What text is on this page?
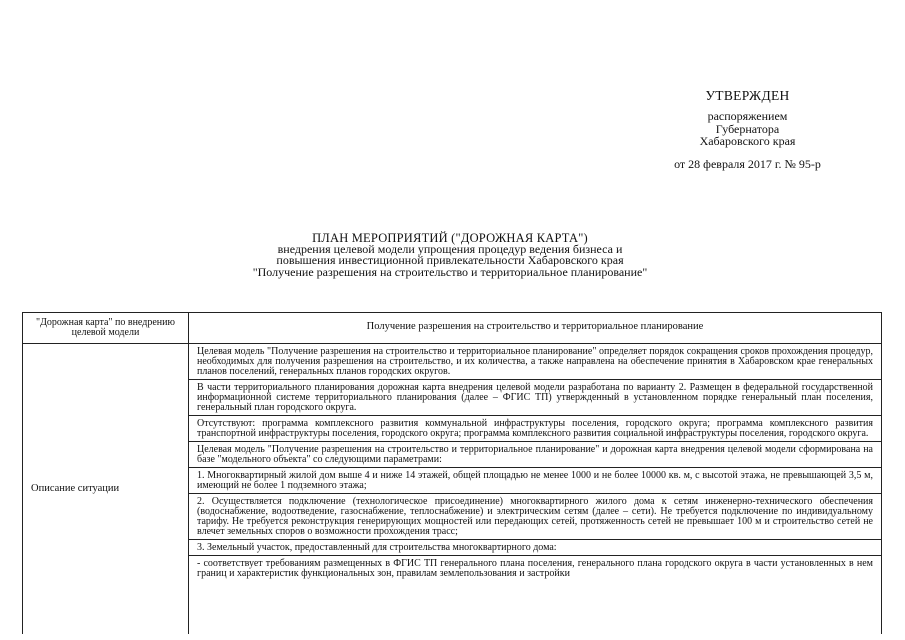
УТВЕРЖДЕН
распоряжением
Губернатора
Хабаровского края
от 28 февраля 2017 г. № 95-р
ПЛАН МЕРОПРИЯТИЙ ("ДОРОЖНАЯ КАРТА")
внедрения целевой модели упрощения процедур ведения бизнеса и
повышения инвестиционной привлекательности Хабаровского края
"Получение разрешения на строительство и территориальное планирование"
"Дорожная карта" по внедрению целевой модели
Получение разрешения на строительство и территориальное планирование
Описание ситуации
Целевая модель "Получение разрешения на строительство и территориальное планирование" определяет порядок сокращения сроков прохождения процедур, необходимых для получения разрешения на строительство, и их количества, а также направлена на обеспечение принятия в Хабаровском крае генеральных планов поселений, генеральных планов городских округов.
В части территориального планирования дорожная карта внедрения целевой модели разработана по варианту 2. Размещен в федеральной государственной информационной системе территориального планирования (далее – ФГИС ТП) утвержденный в установленном порядке генеральный план поселения, генеральный план городского округа.
Отсутствуют: программа комплексного развития коммунальной инфраструктуры поселения, городского округа; программа комплексного развития транспортной инфраструктуры поселения, городского округа; программа комплексного развития социальной инфраструктуры поселения, городского округа.
Целевая модель "Получение разрешения на строительство и территориальное планирование" и дорожная карта внедрения целевой модели сформирована на базе "модельного объекта" со следующими параметрами:
1. Многоквартирный жилой дом выше 4 и ниже 14 этажей, общей площадью не менее 1000 и не более 10000 кв. м, с высотой этажа, не превышающей 3,5 м, имеющий не более 1 подземного этажа;
2. Осуществляется подключение (технологическое присоединение) многоквартирного жилого дома к сетям инженерно-технического обеспечения (водоснабжение, водоотведение, газоснабжение, теплоснабжение) и электрическим сетям (далее – сети). Не требуется подключение по индивидуальному тарифу. Не требуется реконструкция генерирующих мощностей или передающих сетей, протяженность сетей не превышает 100 м и строительство сетей не влечет земельных споров о возможности прохождения трасс;
3. Земельный участок, предоставленный для строительства многоквартирного дома:
- соответствует требованиям размещенных в ФГИС ТП генерального плана поселения, генерального плана городского округа в части установленных в нем границ и характеристик функциональных зон, правилам землепользования и застройки
